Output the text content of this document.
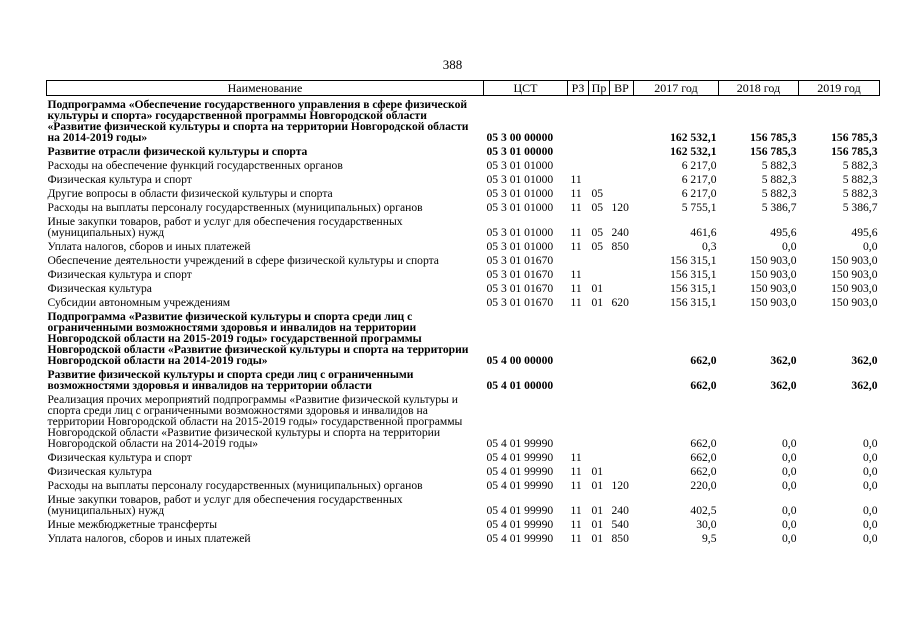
388
Наименование	ЦСТ	РЗ	Пр	ВР	2017 год	2018 год	2019 год
Подпрограмма «Обеспечение государственного управления в сфере физической культуры и спорта» государственной программы Новгородской области «Развитие физической культуры и спорта на территории Новгородской области на 2014-2019 годы»	05 3 00 00000				162 532,1	156 785,3	156 785,3
Развитие отрасли физической культуры и спорта	05 3 01 00000				162 532,1	156 785,3	156 785,3
Расходы на обеспечение функций государственных органов	05 3 01 01000				6 217,0	5 882,3	5 882,3
Физическая культура и спорт	05 3 01 01000	11			6 217,0	5 882,3	5 882,3
Другие вопросы в области физической культуры и спорта	05 3 01 01000	11	05		6 217,0	5 882,3	5 882,3
Расходы на выплаты персоналу государственных (муниципальных) органов	05 3 01 01000	11	05	120	5 755,1	5 386,7	5 386,7
Иные закупки товаров, работ и услуг для обеспечения государственных (муниципальных) нужд	05 3 01 01000	11	05	240	461,6	495,6	495,6
Уплата налогов, сборов и иных платежей	05 3 01 01000	11	05	850	0,3	0,0	0,0
Обеспечение деятельности учреждений в сфере физической культуры и спорта	05 3 01 01670				156 315,1	150 903,0	150 903,0
Физическая культура и спорт	05 3 01 01670	11			156 315,1	150 903,0	150 903,0
Физическая культура	05 3 01 01670	11	01		156 315,1	150 903,0	150 903,0
Субсидии автономным учреждениям	05 3 01 01670	11	01	620	156 315,1	150 903,0	150 903,0
Подпрограмма «Развитие физической культуры и спорта среди лиц с ограниченными возможностями здоровья и инвалидов на территории Новгородской области на 2015-2019 годы» государственной программы Новгородской области «Развитие физической культуры и спорта на территории Новгородской области на 2014-2019 годы»	05 4 00 00000				662,0	362,0	362,0
Развитие физической культуры и спорта среди лиц с ограниченными возможностями здоровья и инвалидов на территории области	05 4 01 00000				662,0	362,0	362,0
Реализация прочих мероприятий подпрограммы «Развитие физической культуры и спорта среди лиц с ограниченными возможностями здоровья и инвалидов на территории Новгородской области на 2015-2019 годы» государственной программы Новгородской области «Развитие физической культуры и спорта на территории Новгородской области на 2014-2019 годы»	05 4 01 99990				662,0	0,0	0,0
Физическая культура и спорт	05 4 01 99990	11			662,0	0,0	0,0
Физическая культура	05 4 01 99990	11	01		662,0	0,0	0,0
Расходы на выплаты персоналу государственных (муниципальных) органов	05 4 01 99990	11	01	120	220,0	0,0	0,0
Иные закупки товаров, работ и услуг для обеспечения государственных (муниципальных) нужд	05 4 01 99990	11	01	240	402,5	0,0	0,0
Иные межбюджетные трансферты	05 4 01 99990	11	01	540	30,0	0,0	0,0
Уплата налогов, сборов и иных платежей	05 4 01 99990	11	01	850	9,5	0,0	0,0
